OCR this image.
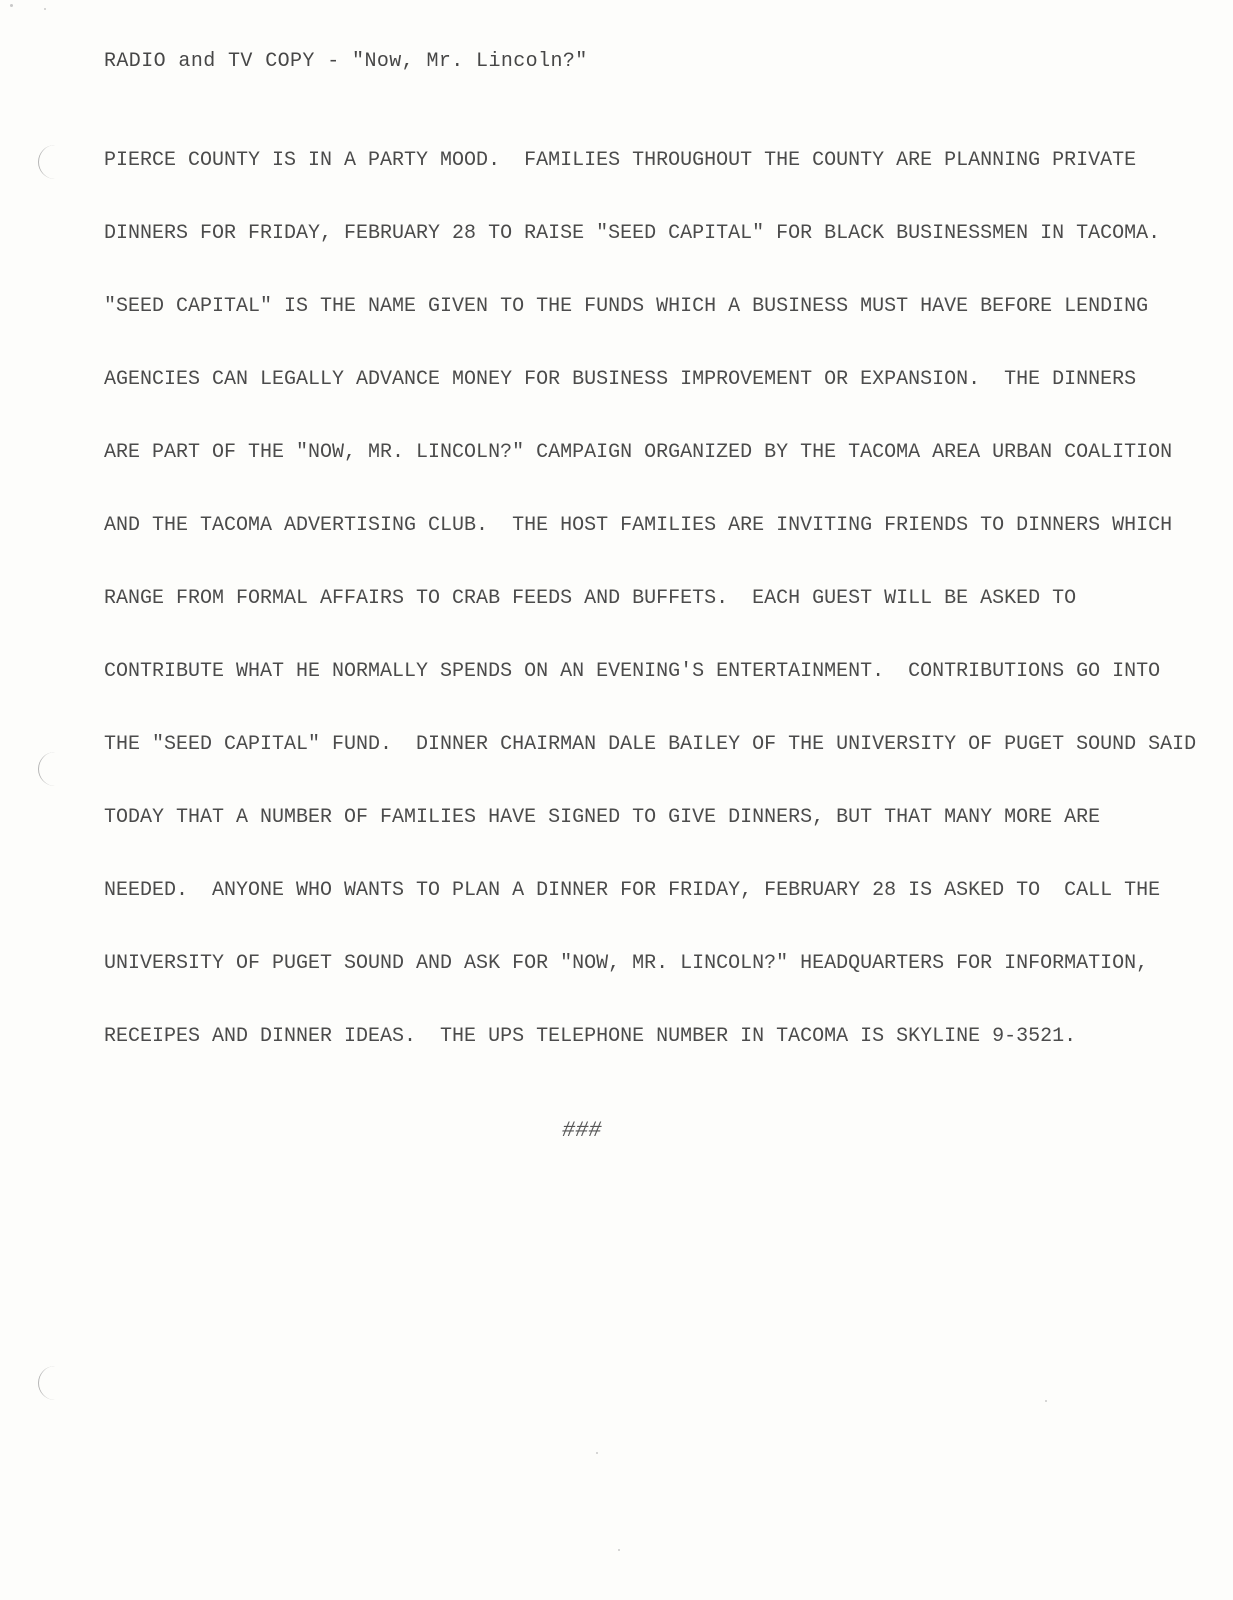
RADIO and TV COPY - "Now, Mr. Lincoln?"
PIERCE COUNTY IS IN A PARTY MOOD.  FAMILIES THROUGHOUT THE COUNTY ARE PLANNING PRIVATE
DINNERS FOR FRIDAY, FEBRUARY 28 TO RAISE "SEED CAPITAL" FOR BLACK BUSINESSMEN IN TACOMA.
"SEED CAPITAL" IS THE NAME GIVEN TO THE FUNDS WHICH A BUSINESS MUST HAVE BEFORE LENDING
AGENCIES CAN LEGALLY ADVANCE MONEY FOR BUSINESS IMPROVEMENT OR EXPANSION.  THE DINNERS
ARE PART OF THE "NOW, MR. LINCOLN?" CAMPAIGN ORGANIZED BY THE TACOMA AREA URBAN COALITION
AND THE TACOMA ADVERTISING CLUB.  THE HOST FAMILIES ARE INVITING FRIENDS TO DINNERS WHICH
RANGE FROM FORMAL AFFAIRS TO CRAB FEEDS AND BUFFETS.  EACH GUEST WILL BE ASKED TO
CONTRIBUTE WHAT HE NORMALLY SPENDS ON AN EVENING'S ENTERTAINMENT.  CONTRIBUTIONS GO INTO
THE "SEED CAPITAL" FUND.  DINNER CHAIRMAN DALE BAILEY OF THE UNIVERSITY OF PUGET SOUND SAID
TODAY THAT A NUMBER OF FAMILIES HAVE SIGNED TO GIVE DINNERS, BUT THAT MANY MORE ARE
NEEDED.  ANYONE WHO WANTS TO PLAN A DINNER FOR FRIDAY, FEBRUARY 28 IS ASKED TO  CALL THE
UNIVERSITY OF PUGET SOUND AND ASK FOR "NOW, MR. LINCOLN?" HEADQUARTERS FOR INFORMATION,
RECEIPES AND DINNER IDEAS.  THE UPS TELEPHONE NUMBER IN TACOMA IS SKYLINE 9-3521.
###
